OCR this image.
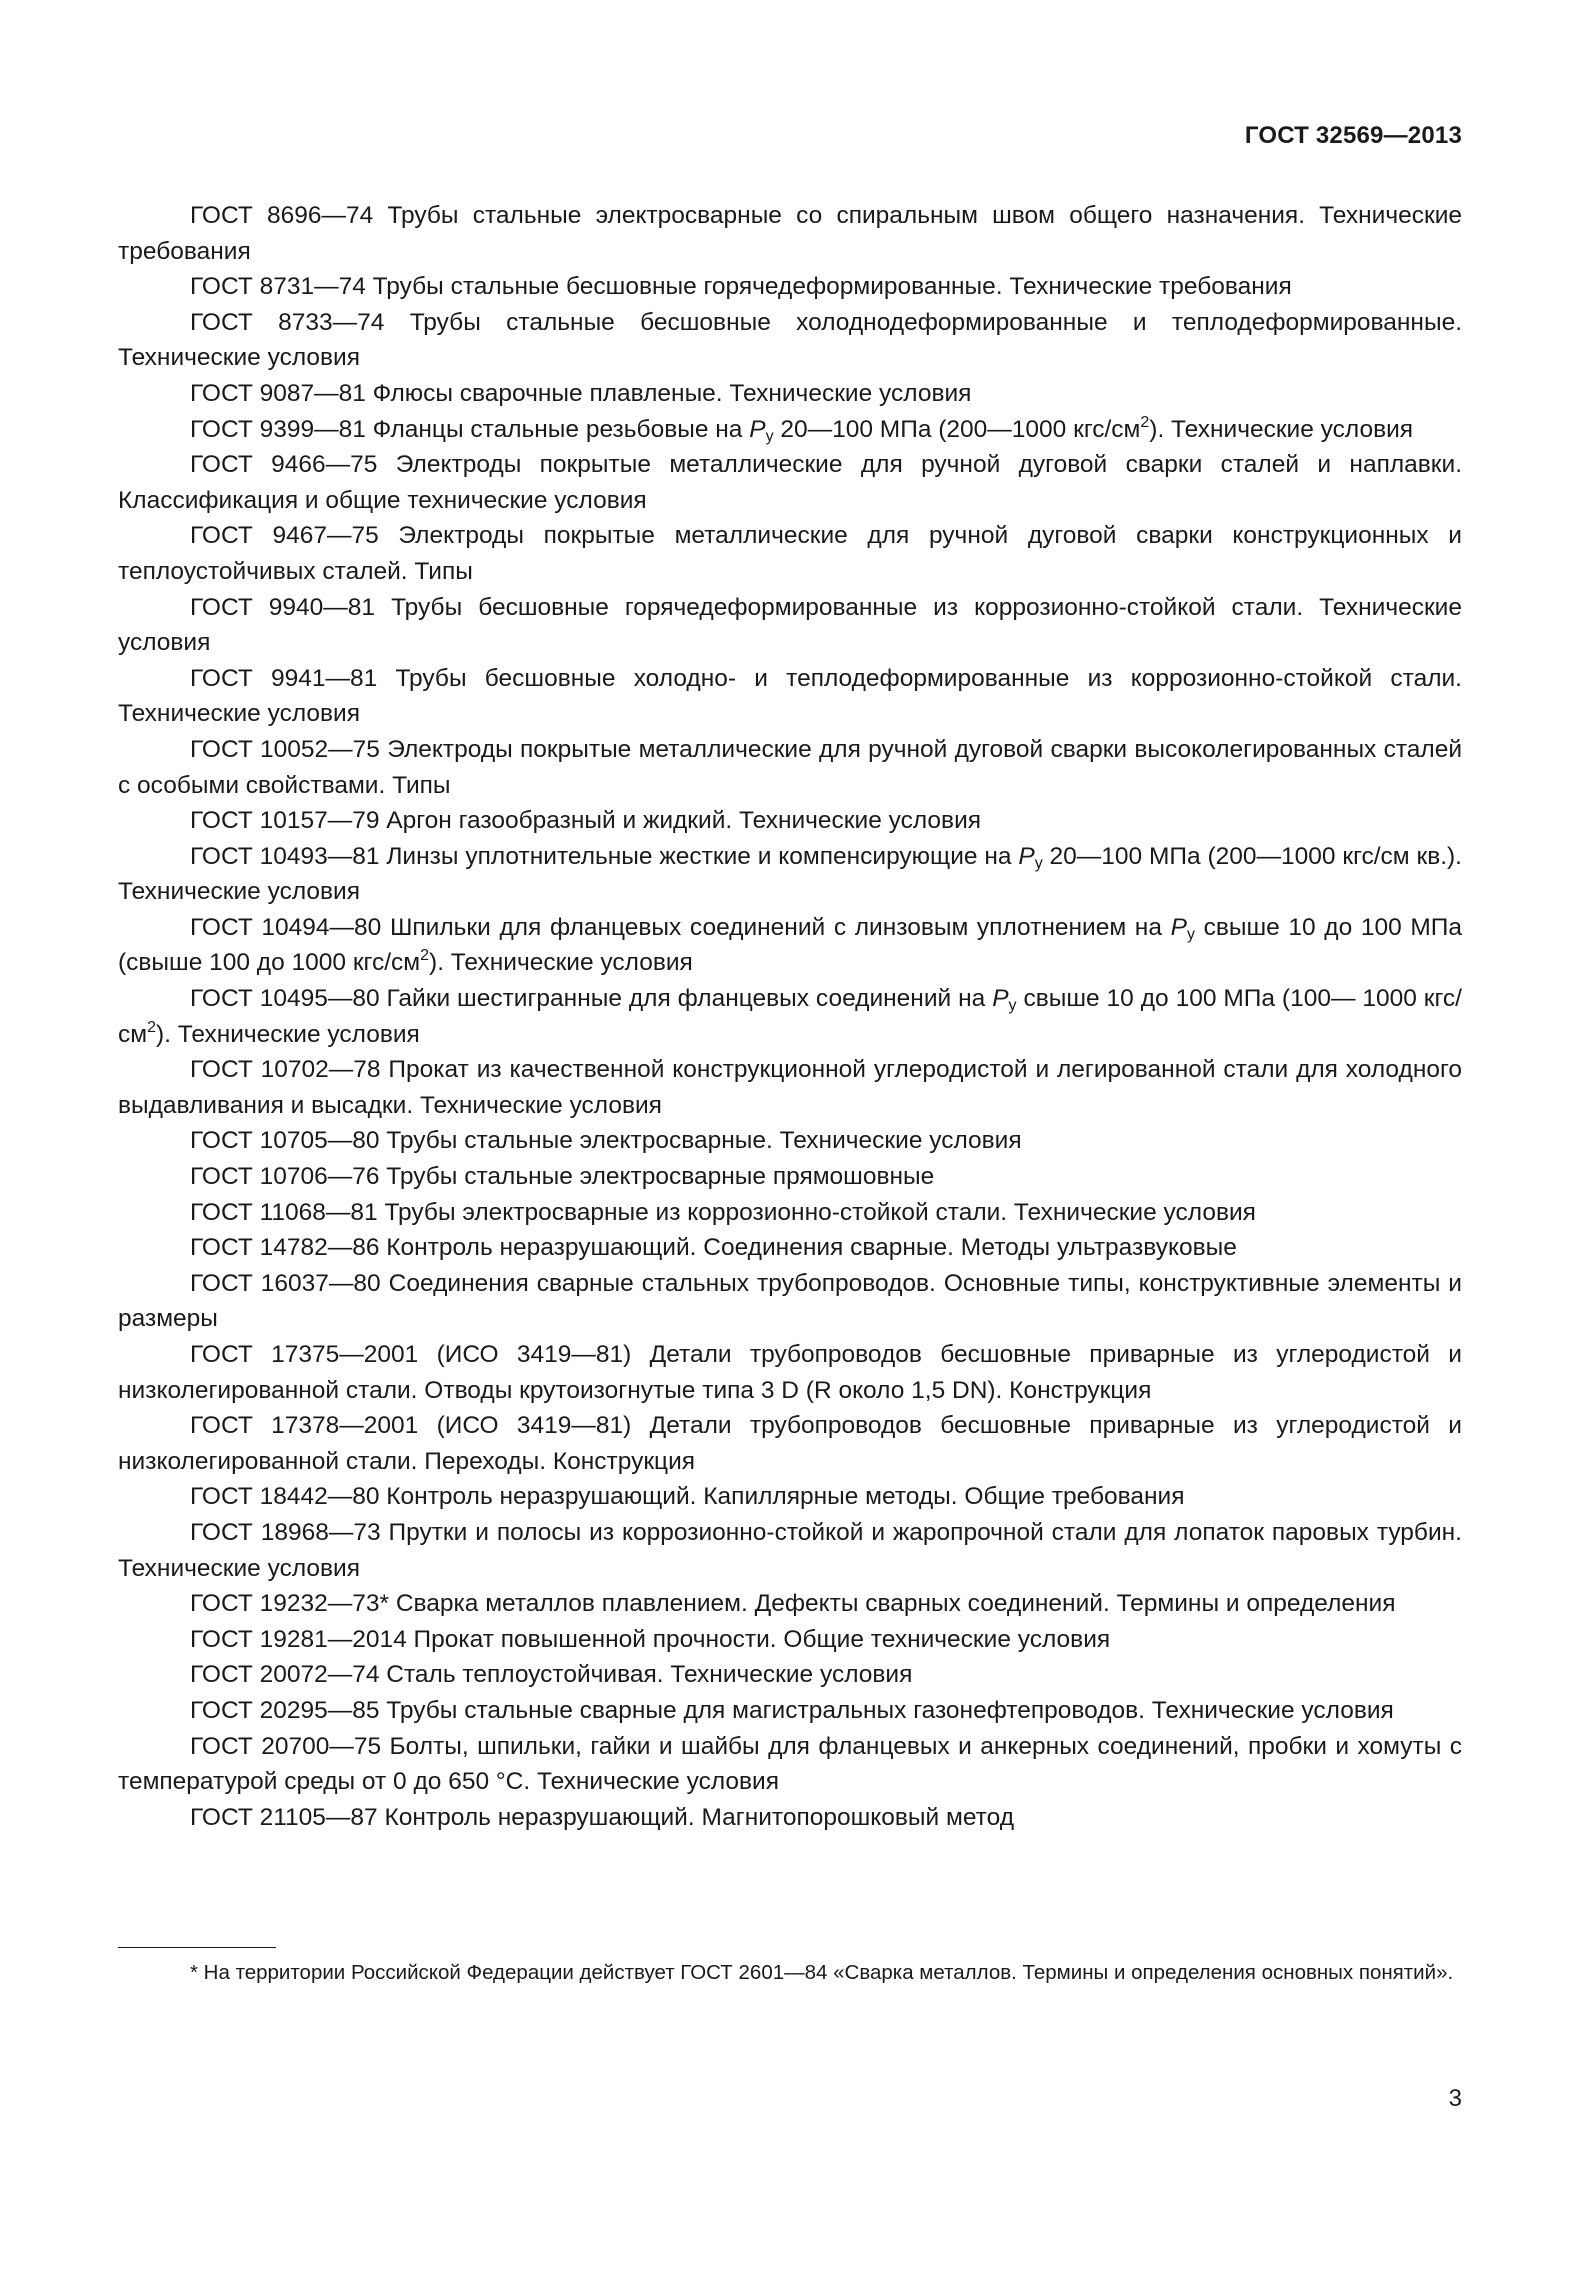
ГОСТ 32569—2013

ГОСТ 8696—74 Трубы стальные электросварные со спиральным швом общего назначения. Технические требования

ГОСТ 8731—74 Трубы стальные бесшовные горячедеформированные. Технические требования

ГОСТ 8733—74 Трубы стальные бесшовные холоднодеформированные и теплодеформированные. Технические условия

ГОСТ 9087—81 Флюсы сварочные плавленые. Технические условия

ГОСТ 9399—81 Фланцы стальные резьбовые на $P_у$ 20—100 МПа (200—1000 кгс/$см^2$). Технические условия

ГОСТ 9466—75 Электроды покрытые металлические для ручной дуговой сварки сталей и наплавки. Классификация и общие технические условия

ГОСТ 9467—75 Электроды покрытые металлические для ручной дуговой сварки конструкционных и теплоустойчивых сталей. Типы

ГОСТ 9940—81 Трубы бесшовные горячедеформированные из коррозионно-стойкой стали. Технические условия

ГОСТ 9941—81 Трубы бесшовные холодно- и теплодеформированные из коррозионно-стойкой стали. Технические условия

ГОСТ 10052—75 Электроды покрытые металлические для ручной дуговой сварки высоколегированных сталей с особыми свойствами. Типы

ГОСТ 10157—79 Аргон газообразный и жидкий. Технические условия

ГОСТ 10493—81 Линзы уплотнительные жесткие и компенсирующие на $P_у$ 20—100 МПа (200—1000 кгс/см кв.). Технические условия

ГОСТ 10494—80 Шпильки для фланцевых соединений с линзовым уплотнением на $P_у$ свыше 10 до 100 МПа (свыше 100 до 1000 кгс/$см^2$). Технические условия

ГОСТ 10495—80 Гайки шестигранные для фланцевых соединений на $P_у$ свыше 10 до 100 МПа (100— 1000 кгс/$см^2$). Технические условия

ГОСТ 10702—78 Прокат из качественной конструкционной углеродистой и легированной стали для холодного выдавливания и высадки. Технические условия

ГОСТ 10705—80 Трубы стальные электросварные. Технические условия

ГОСТ 10706—76 Трубы стальные электросварные прямошовные

ГОСТ 11068—81 Трубы электросварные из коррозионно-стойкой стали. Технические условия

ГОСТ 14782—86 Контроль неразрушающий. Соединения сварные. Методы ультразвуковые

ГОСТ 16037—80 Соединения сварные стальных трубопроводов. Основные типы, конструктивные элементы и размеры

ГОСТ 17375—2001 (ИСО 3419—81) Детали трубопроводов бесшовные приварные из углеродистой и низколегированной стали. Отводы крутоизогнутые типа 3 D (R около 1,5 DN). Конструкция

ГОСТ 17378—2001 (ИСО 3419—81) Детали трубопроводов бесшовные приварные из углеродистой и низколегированной стали. Переходы. Конструкция

ГОСТ 18442—80 Контроль неразрушающий. Капиллярные методы. Общие требования

ГОСТ 18968—73 Прутки и полосы из коррозионно-стойкой и жаропрочной стали для лопаток паровых турбин. Технические условия

ГОСТ 19232—73* Сварка металлов плавлением. Дефекты сварных соединений. Термины и определения

ГОСТ 19281—2014 Прокат повышенной прочности. Общие технические условия

ГОСТ 20072—74 Сталь теплоустойчивая. Технические условия

ГОСТ 20295—85 Трубы стальные сварные для магистральных газонефтепроводов. Технические условия

ГОСТ 20700—75 Болты, шпильки, гайки и шайбы для фланцевых и анкерных соединений, пробки и хомуты с температурой среды от 0 до 650 °С. Технические условия

ГОСТ 21105—87 Контроль неразрушающий. Магнитопорошковый метод

* На территории Российской Федерации действует ГОСТ 2601—84 «Сварка металлов. Термины и определения основных понятий».

3
